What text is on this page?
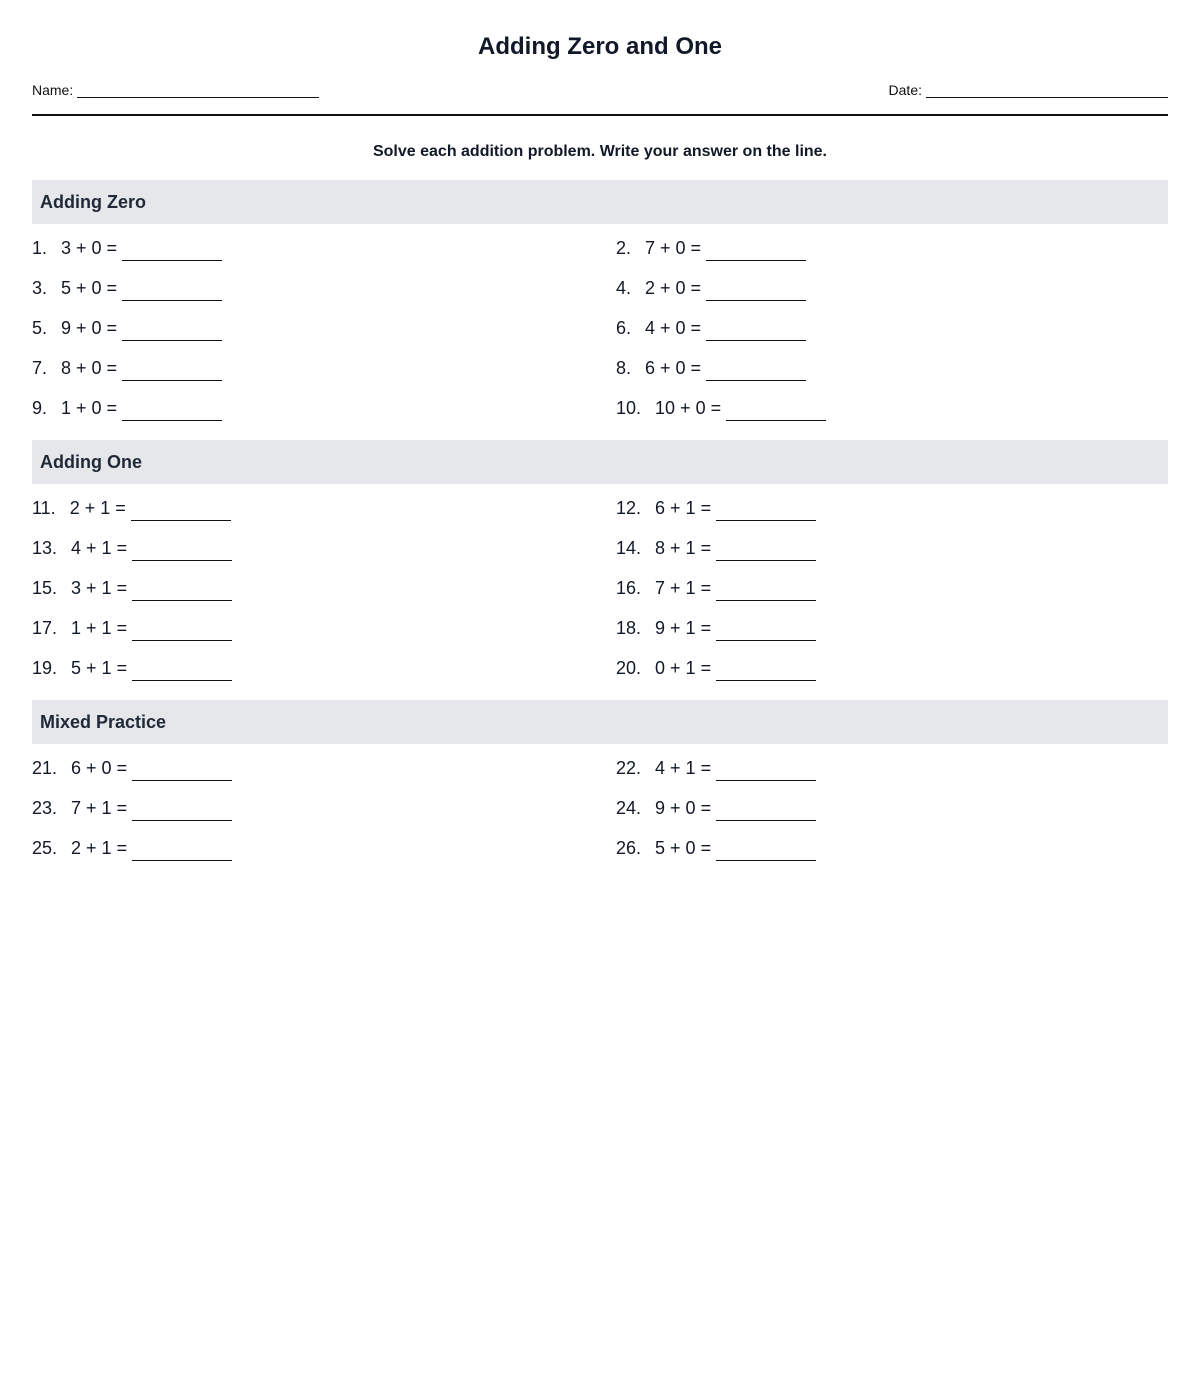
Adding Zero and One
Name:	Date:

Solve each addition problem. Write your answer on the line.

Adding Zero
1. 3 + 0 =	2. 7 + 0 =
3. 5 + 0 =	4. 2 + 0 =
5. 9 + 0 =	6. 4 + 0 =
7. 8 + 0 =	8. 6 + 0 =
9. 1 + 0 =	10. 10 + 0 =
Adding One
11. 2 + 1 =	12. 6 + 1 =
13. 4 + 1 =	14. 8 + 1 =
15. 3 + 1 =	16. 7 + 1 =
17. 1 + 1 =	18. 9 + 1 =
19. 5 + 1 =	20. 0 + 1 =
Mixed Practice
21. 6 + 0 =	22. 4 + 1 =
23. 7 + 1 =	24. 9 + 0 =
25. 2 + 1 =	26. 5 + 0 =
